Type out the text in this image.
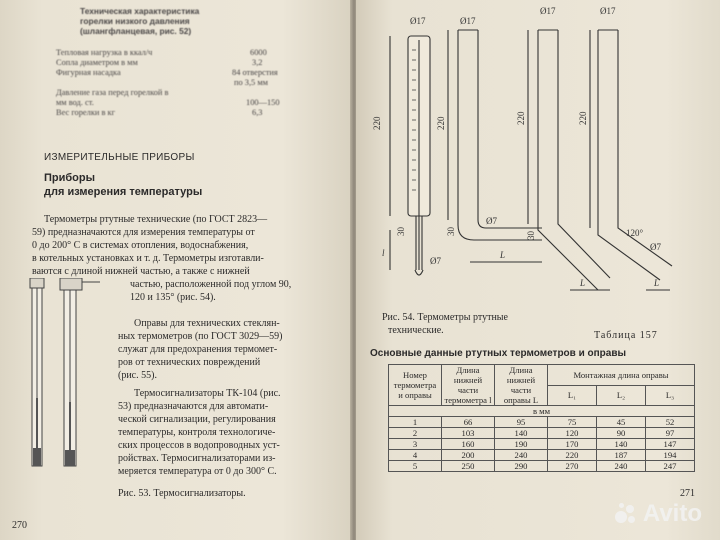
Техническая характеристика
горелки низкого давления
(шлангфланцевая, рис. 52)
Тепловая нагрузка в ккал/ч	6000
Сопла диаметром в мм	3,2
Фигурная насадка	84 отверстия
по 3,5 мм
Давление газа перед горелкой в
мм вод. ст.	100—150
Вес горелки в кг	6,3
ИЗМЕРИТЕЛЬНЫЕ ПРИБОРЫ
Приборы
для измерения температуры
Термометры ртутные технические (по ГОСТ 2823—
59) предназначаются для измерения температуры от
0 до 200° С в системах отопления, водоснабжения,
в котельных установках и т. д. Термометры изготавли-
ваются с длиной нижней частью, а также с нижней
частью, расположенной под углом 90,
120 и 135° (рис. 54).
Оправы для технических стеклян-
ных термометров (по ГОСТ 3029—59)
служат для предохранения термомет-
ров от технических повреждений
(рис. 55).
Термосигнализаторы ТК-104 (рис.
53) предназначаются для автомати-
ческой сигнализации, регулирования
температуры, контроля технологиче-
ских процессов в водопроводных уст-
ройствах. Термосигнализаторами из-
меряется температура от 0 до 300° С.
Рис. 53. Термосигнализаторы.
270
Ø17	Ø17
Ø17	Ø17
220	220	220	220
30	30	30
Ø7
Ø7
l	L
L	L
120°
Ø7
Рис. 54. Термометры ртутные
технические.	Таблица 157
Основные данные ртутных термометров и оправы
Номер термометра и оправы	Длина нижней части термометра l	Длина нижней части оправы L	Монтажная длина оправы		
			L₁	L₂	L₃
в мм					
1	66	95	75	45	52
2	103	140	120	90	97
3	160	190	170	140	147
4	200	240	220	187	194
5	250	290	270	240	247
271
Avito
